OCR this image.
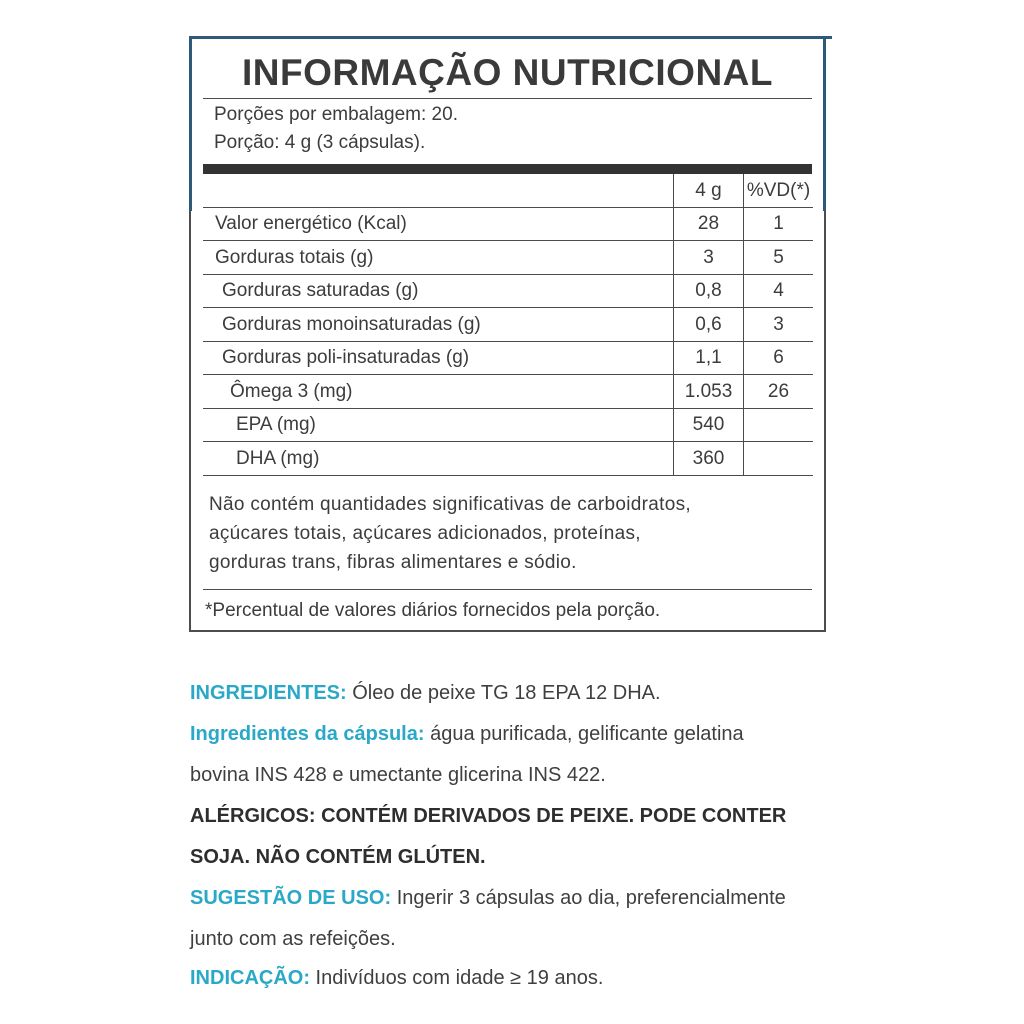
INFORMAÇÃO NUTRICIONAL
Porções por embalagem: 20.
Porção: 4 g (3 cápsulas).
	4 g	%VD(*)
Valor energético (Kcal)	28	1
Gorduras totais (g)	3	5
Gorduras saturadas (g)	0,8	4
Gorduras monoinsaturadas (g)	0,6	3
Gorduras poli-insaturadas (g)	1,1	6
Ômega 3 (mg)	1.053	26
EPA (mg)	540	
DHA (mg)	360	
Não contém quantidades significativas de carboidratos,
açúcares totais, açúcares adicionados, proteínas,
gorduras trans, fibras alimentares e sódio.
*Percentual de valores diários fornecidos pela porção.
INGREDIENTES: Óleo de peixe TG 18 EPA 12 DHA.
Ingredientes da cápsula: água purificada, gelificante gelatina
bovina INS 428 e umectante glicerina INS 422.
ALÉRGICOS: CONTÉM DERIVADOS DE PEIXE. PODE CONTER
SOJA. NÃO CONTÉM GLÚTEN.
SUGESTÃO DE USO: Ingerir 3 cápsulas ao dia, preferencialmente
junto com as refeições.
INDICAÇÃO: Indivíduos com idade ≥ 19 anos.
